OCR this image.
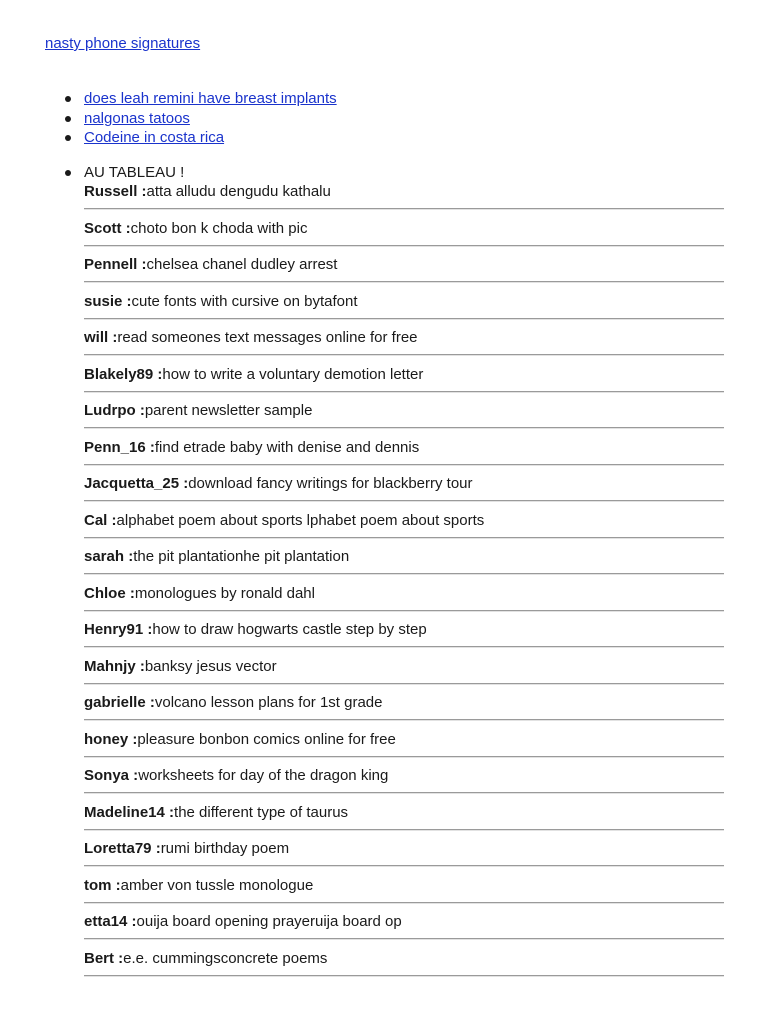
nasty phone signatures
does leah remini have breast implants
nalgonas tatoos
Codeine in costa rica
AU TABLEAU !
Russell :atta alludu dengudu kathalu
Scott :choto bon k choda with pic
Pennell :chelsea chanel dudley arrest
susie :cute fonts with cursive on bytafont
will :read someones text messages online for free
Blakely89 :how to write a voluntary demotion letter
Ludrpo :parent newsletter sample
Penn_16 :find etrade baby with denise and dennis
Jacquetta_25 :download fancy writings for blackberry tour
Cal :alphabet poem about sports lphabet poem about sports
sarah :the pit plantationhe pit plantation
Chloe :monologues by ronald dahl
Henry91 :how to draw hogwarts castle step by step
Mahnjy :banksy jesus vector
gabrielle :volcano lesson plans for 1st grade
honey :pleasure bonbon comics online for free
Sonya :worksheets for day of the dragon king
Madeline14 :the different type of taurus
Loretta79 :rumi birthday poem
tom :amber von tussle monologue
etta14 :ouija board opening prayeruija board op
Bert :e.e. cummingsconcrete poems
